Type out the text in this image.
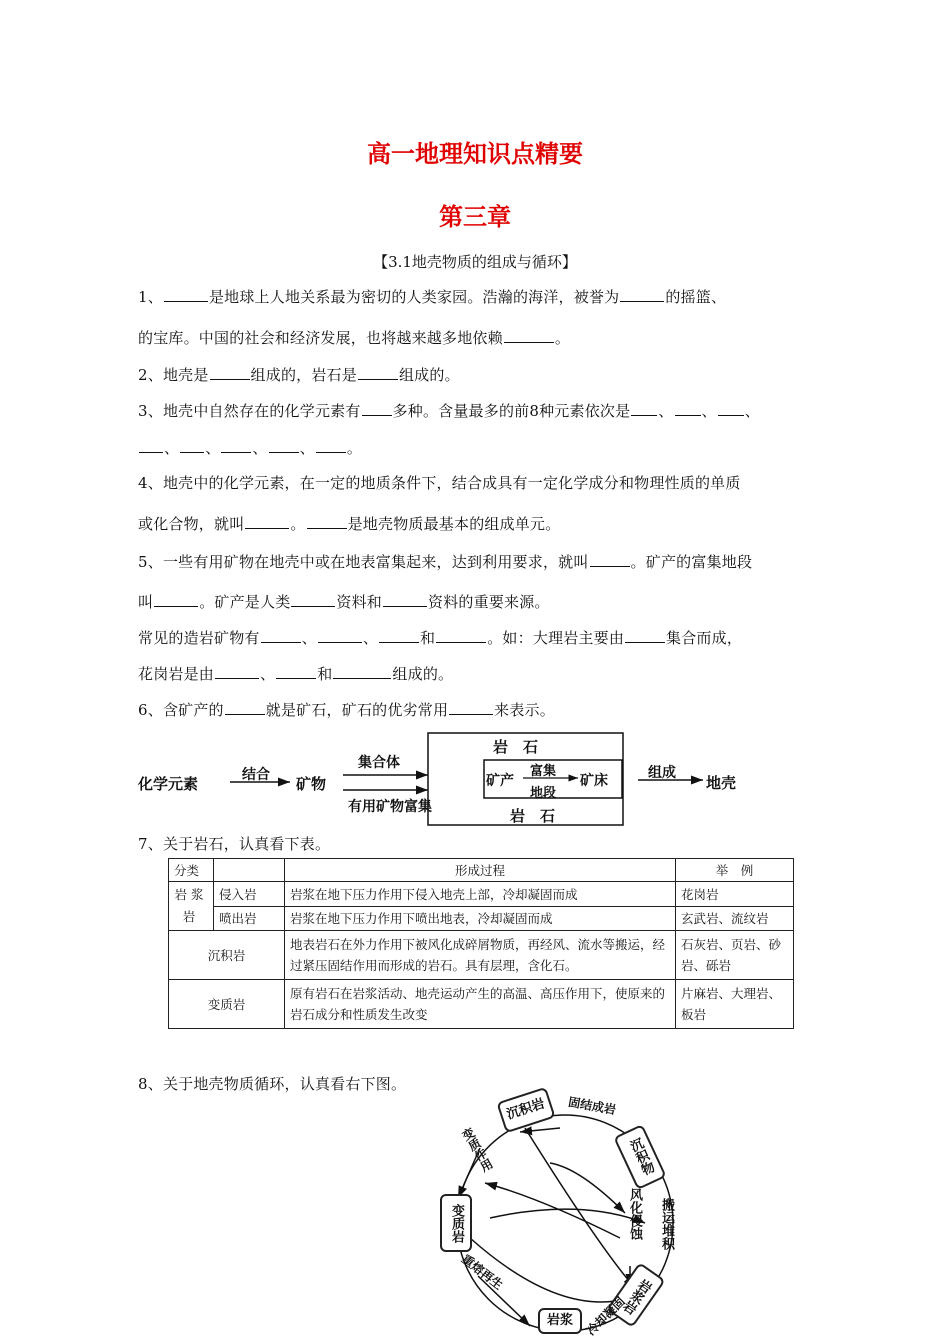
高一地理知识点精要
第三章
【3.1地壳物质的组成与循环】
1、	是地球上人地关系最为密切的人类家园。浩瀚的海洋，被誉为	的摇篮、
的宝库。中国的社会和经济发展，也将越来越多地依赖	。
2、地壳是	组成的，岩石是	组成的。
3、地壳中自然存在的化学元素有 多种。含量最多的前8种元素依次是 、 、 、
、 、 、 、 。
4、地壳中的化学元素，在一定的地质条件下，结合成具有一定化学成分和物理性质的单质
或化合物，就叫	。	是地壳物质最基本的组成单元。
5、一些有用矿物在地壳中或在地表富集起来，达到利用要求，就叫	。矿产的富集地段
叫	。矿产是人类	资料和	资料的重要来源。
常见的造岩矿物有	、	、	和	。如：大理岩主要由	集合而成，
花岗岩是由	、	和	组成的。
6、含矿产的	就是矿石，矿石的优劣常用	来表示。
化学元素	结合 矿物
集合体
有用矿物富集
岩　石
岩　石
矿产
富集
地段
矿床	组成
地壳
7、关于岩石，认真看下表。
分类		形成过程	举　例
岩浆岩	侵入岩	岩浆在地下压力作用下侵入地壳上部，冷却凝固而成	花岗岩
	喷出岩	岩浆在地下压力作用下喷出地表，冷却凝固而成	玄武岩、流纹岩
沉积岩		地表岩石在外力作用下被风化成碎屑物质，再经风、流水等搬运，经过紧压固结作用而形成的岩石。具有层理，含化石。	石灰岩、页岩、砂岩、砾岩
变质岩		原有岩石在岩浆活动、地壳运动产生的高温、高压作用下，使原来的岩石成分和性质发生改变	片麻岩、大理岩、板岩
8、关于地壳物质循环，认真看右下图。
沉积岩	固结成岩
沉积物
变质作用
风化侵蚀 搬运堆积
变质岩
岩浆岩
重熔再生
岩浆 冷却凝固
